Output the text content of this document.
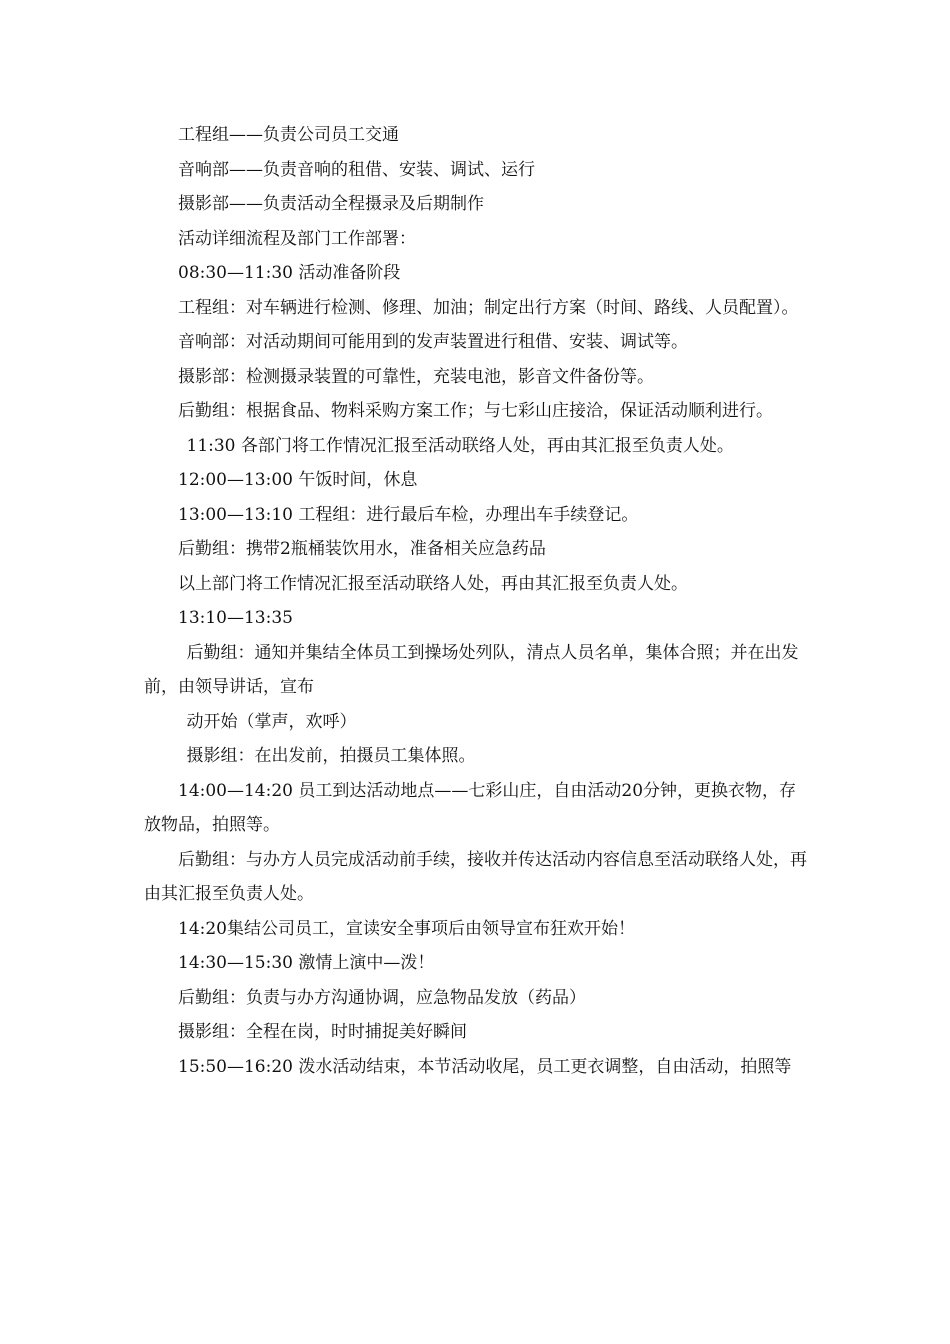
工程组——负责公司员工交通

音响部——负责音响的租借、安装、调试、运行

摄影部——负责活动全程摄录及后期制作

活动详细流程及部门工作部署：

08:30—11:30 活动准备阶段

工程组：对车辆进行检测、修理、加油；制定出行方案（时间、路线、人员配置）。

音响部：对活动期间可能用到的发声装置进行租借、安装、调试等。

摄影部：检测摄录装置的可靠性，充装电池，影音文件备份等。

后勤组：根据食品、物料采购方案工作；与七彩山庄接洽，保证活动顺利进行。

11:30 各部门将工作情况汇报至活动联络人处，再由其汇报至负责人处。

12:00—13:00 午饭时间，休息

13:00—13:10 工程组：进行最后车检，办理出车手续登记。

后勤组：携带2瓶桶装饮用水，准备相关应急药品

以上部门将工作情况汇报至活动联络人处，再由其汇报至负责人处。

13:10—13:35

后勤组：通知并集结全体员工到操场处列队，清点人员名单，集体合照；并在出发前，由领导讲话，宣布

动开始（掌声，欢呼）

摄影组：在出发前，拍摄员工集体照。

14:00—14:20 员工到达活动地点——七彩山庄，自由活动20分钟，更换衣物，存放物品，拍照等。

后勤组：与办方人员完成活动前手续，接收并传达活动内容信息至活动联络人处，再由其汇报至负责人处。

14:20集结公司员工，宣读安全事项后由领导宣布狂欢开始！

14:30—15:30 激情上演中—泼！

后勤组：负责与办方沟通协调，应急物品发放（药品）

摄影组：全程在岗，时时捕捉美好瞬间

15:50—16:20 泼水活动结束，本节活动收尾，员工更衣调整，自由活动，拍照等
